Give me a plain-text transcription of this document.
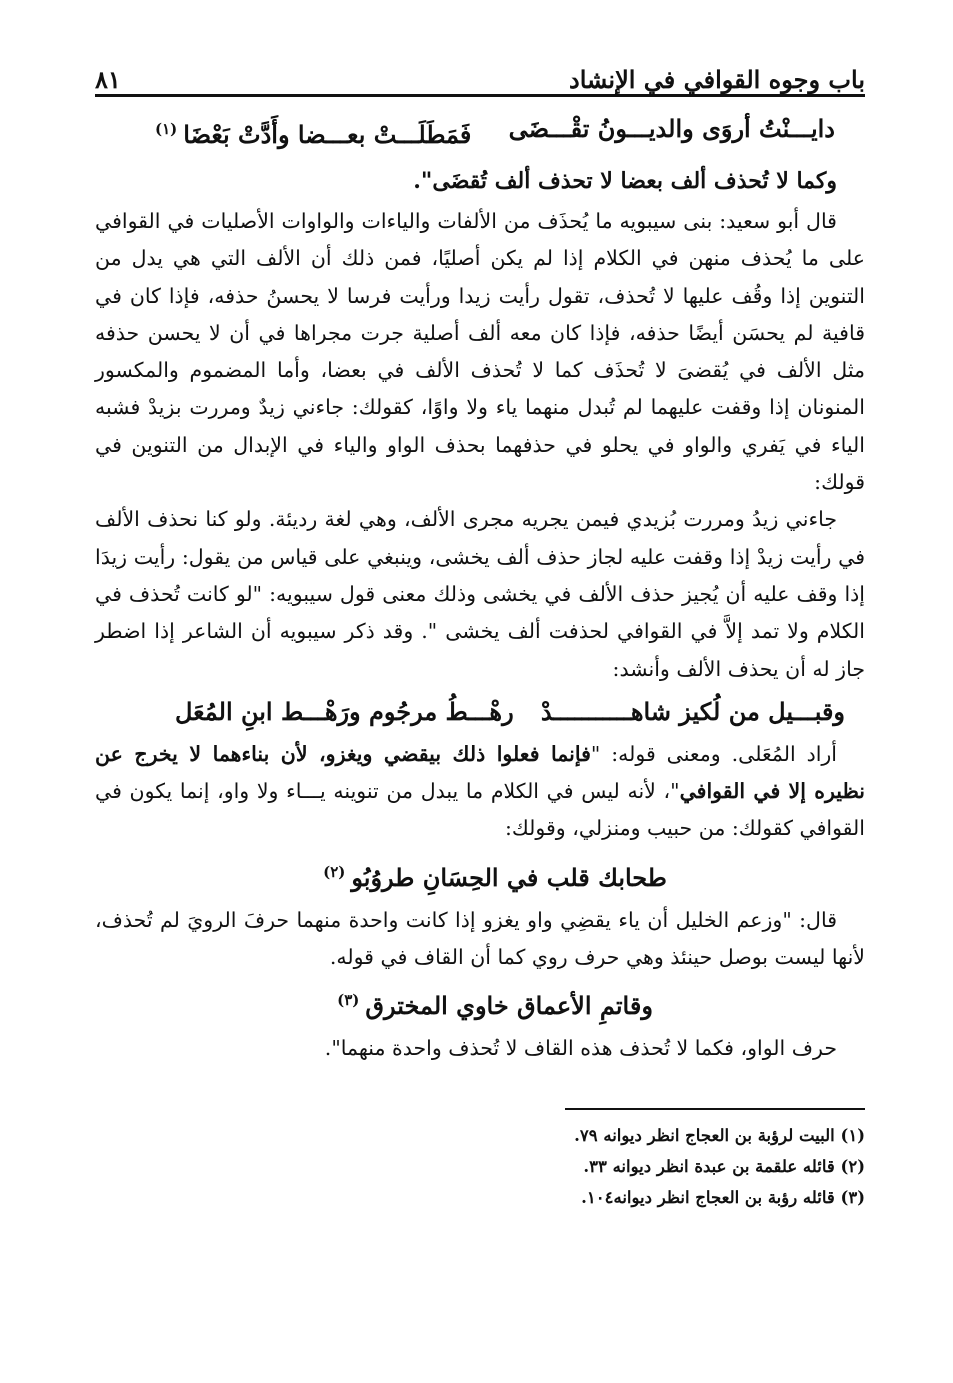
باب وجوه القوافي في الإنشاد
٨١
دايـــنْتُ أروَى والديـــونُ تقْـــضَى
فَمَطَلَـــتْ بعـــضا وأَدَّتْ بَعْضَا$^{(١)}$

وكما لا تُحذف ألف بعضا لا تحذف ألف تُقضَى".

قال أبو سعيد: بنى سيبويه ما يُحذَف من الألفات والياءات والواوات الأصليات في القوافي على ما يُحذف منهن في الكلام إذا لم يكن أصليًا، فمن ذلك أن الألف التي هي يدل من التنوين إذا وقُف عليها لا تُحذف، تقول رأيت زيدا ورأيت فرسا لا يحسنُ حذفه، فإذا كان في قافية لم يحسَن أيضًا حذفه، فإذا كان معه ألف أصلية جرت مجراها في أن لا يحسن حذفه مثل الألف في يُقضىَ لا تُحذَف كما لا تُحذف الألف في بعضا، وأما المضموم والمكسور المنونان إذا وقفت عليهما لم تُبدل منهما ياء ولا واوًا، كقولك: جاءني زيدٌ ومررت بزيدْ فشبه الياء في يَفري والواو في يحلو في حذفهما بحذف الواو والياء في الإبدال من التنوين في قولك:

جاءني زيدُ ومررت بُزيدي فيمن يجريه مجرى الألف، وهي لغة رديئة. ولو كنا نحذف الألف في رأيت زيدْ إذا وقفت عليه لجاز حذف ألف يخشى، وينبغي على قياس من يقول: رأيت زيدَا إذا وقف عليه أن يُجيز حذف الألف في يخشى وذلك معنى قول سيبويه: "لو كانت تُحذف في الكلام ولا تمد إلاَّ في القوافي لحذفت ألف يخشى ". وقد ذكر سيبويه أن الشاعر إذا اضطر جاز له أن يحذف الألف وأنشد:

وقبـــيل من لُكيز شاهـــــــــــدْ
رهْـــطُ مرجُوم ورَهْـــط ابنِ المُعَل

أراد المُعَلى. ومعنى قوله: "فإنما فعلوا ذلك بيقضي ويغزو، لأن بناءهما لا يخرج عن نظيره إلا في القوافي"، لأنه ليس في الكلام ما يبدل من تنوينه يـــاء ولا واو، إنما يكون في القوافي كقولك: من حبيب ومنزلي، وقولك:

طحابك قلب في الحِسَانِ طروُبُو$^{(٢)}$

قال: "وزعم الخليل أن ياء يقضِي واو يغزو إذا كانت واحدة منهما حرفَ الرويَ لم تُحذف، لأنها ليست بوصل حينئذ وهي حرف روي كما أن القاف في قوله.

وقاتمِ الأعماق خاوي المخترق$^{(٣)}$

حرف الواو، فكما لا تُحذف هذه القاف لا تُحذف واحدة منهما".

(١) البيت لرؤبة بن العجاج انظر ديوانه ٧٩.
(٢) قائله علقمة بن عبدة انظر ديوانه ٣٣.
(٣) قائله رؤبة بن العجاج انظر ديوانه١٠٤.
